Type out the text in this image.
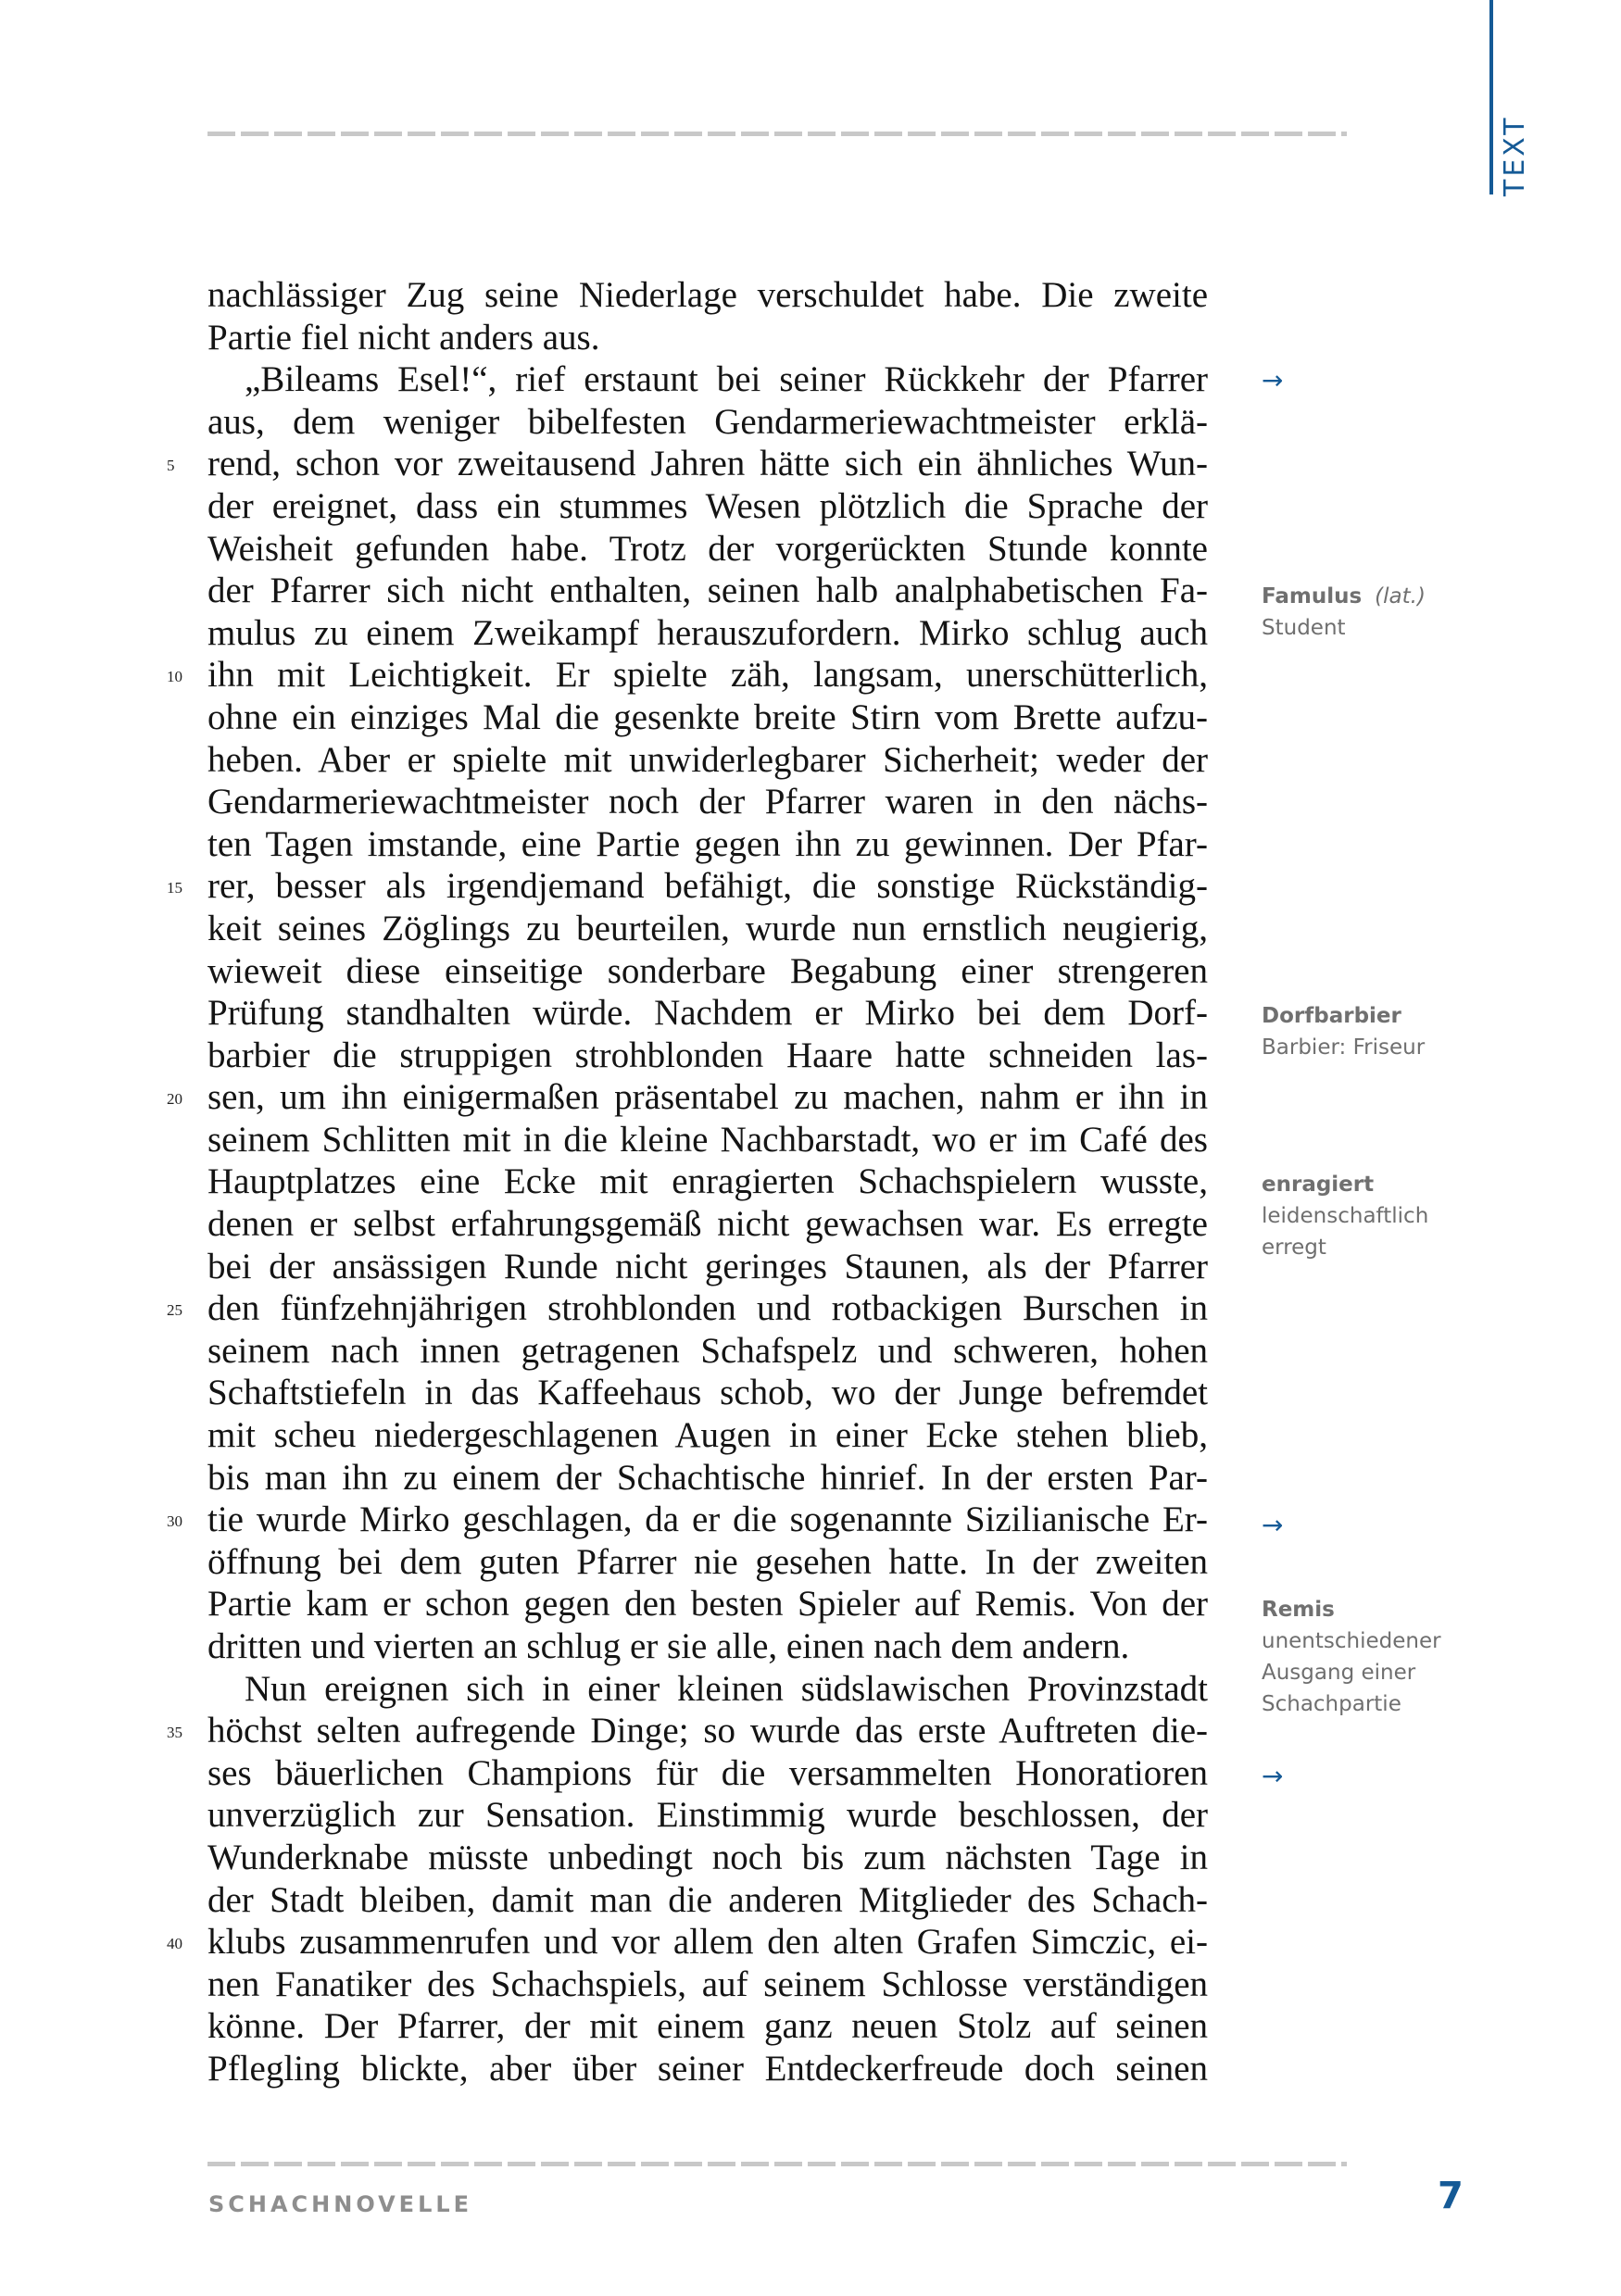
TEXT
nachlässiger Zug seine Niederlage verschuldet habe. Die zweite
Partie fiel nicht anders aus.
„Bileams Esel!“, rief erstaunt bei seiner Rückkehr der Pfarrer
aus, dem weniger bibelfesten Gendarmeriewachtmeister erklä-
rend, schon vor zweitausend Jahren hätte sich ein ähnliches Wun-
5
der ereignet, dass ein stummes Wesen plötzlich die Sprache der
Weisheit gefunden habe. Trotz der vorgerückten Stunde konnte
der Pfarrer sich nicht enthalten, seinen halb analphabetischen Fa-
mulus zu einem Zweikampf herauszufordern. Mirko schlug auch
ihn mit Leichtigkeit. Er spielte zäh, langsam, unerschütterlich,
10
ohne ein einziges Mal die gesenkte breite Stirn vom Brette aufzu-
heben. Aber er spielte mit unwiderlegbarer Sicherheit; weder der
Gendarmeriewachtmeister noch der Pfarrer waren in den nächs-
ten Tagen imstande, eine Partie gegen ihn zu gewinnen. Der Pfar-
rer, besser als irgendjemand befähigt, die sonstige Rückständig-
15
keit seines Zöglings zu beurteilen, wurde nun ernstlich neugierig,
wieweit diese einseitige sonderbare Begabung einer strengeren
Prüfung standhalten würde. Nachdem er Mirko bei dem Dorf-
barbier die struppigen strohblonden Haare hatte schneiden las-
sen, um ihn einigermaßen präsentabel zu machen, nahm er ihn in
20
seinem Schlitten mit in die kleine Nachbarstadt, wo er im Café des
Hauptplatzes eine Ecke mit enragierten Schachspielern wusste,
denen er selbst erfahrungsgemäß nicht gewachsen war. Es erregte
bei der ansässigen Runde nicht geringes Staunen, als der Pfarrer
den fünfzehnjährigen strohblonden und rotbackigen Burschen in
25
seinem nach innen getragenen Schafspelz und schweren, hohen
Schaftstiefeln in das Kaffeehaus schob, wo der Junge befremdet
mit scheu niedergeschlagenen Augen in einer Ecke stehen blieb,
bis man ihn zu einem der Schachtische hinrief. In der ersten Par-
tie wurde Mirko geschlagen, da er die sogenannte Sizilianische Er-
30
öffnung bei dem guten Pfarrer nie gesehen hatte. In der zweiten
Partie kam er schon gegen den besten Spieler auf Remis. Von der
dritten und vierten an schlug er sie alle, einen nach dem andern.
Nun ereignen sich in einer kleinen südslawischen Provinzstadt
höchst selten aufregende Dinge; so wurde das erste Auftreten die-
35
ses bäuerlichen Champions für die versammelten Honoratioren
unverzüglich zur Sensation. Einstimmig wurde beschlossen, der
Wunderknabe müsste unbedingt noch bis zum nächsten Tage in
der Stadt bleiben, damit man die anderen Mitglieder des Schach-
klubs zusammenrufen und vor allem den alten Grafen Simczic, ei-
40
nen Fanatiker des Schachspiels, auf seinem Schlosse verständigen
könne. Der Pfarrer, der mit einem ganz neuen Stolz auf seinen
Pflegling blickte, aber über seiner Entdeckerfreude doch seinen
→
→
→
Famulus (lat.)
Student
Dorfbarbier
Barbier: Friseur
enragiert
leidenschaftlich
erregt
Remis
unentschiedener
Ausgang einer
Schachpartie
SCHACHNOVELLE	7
